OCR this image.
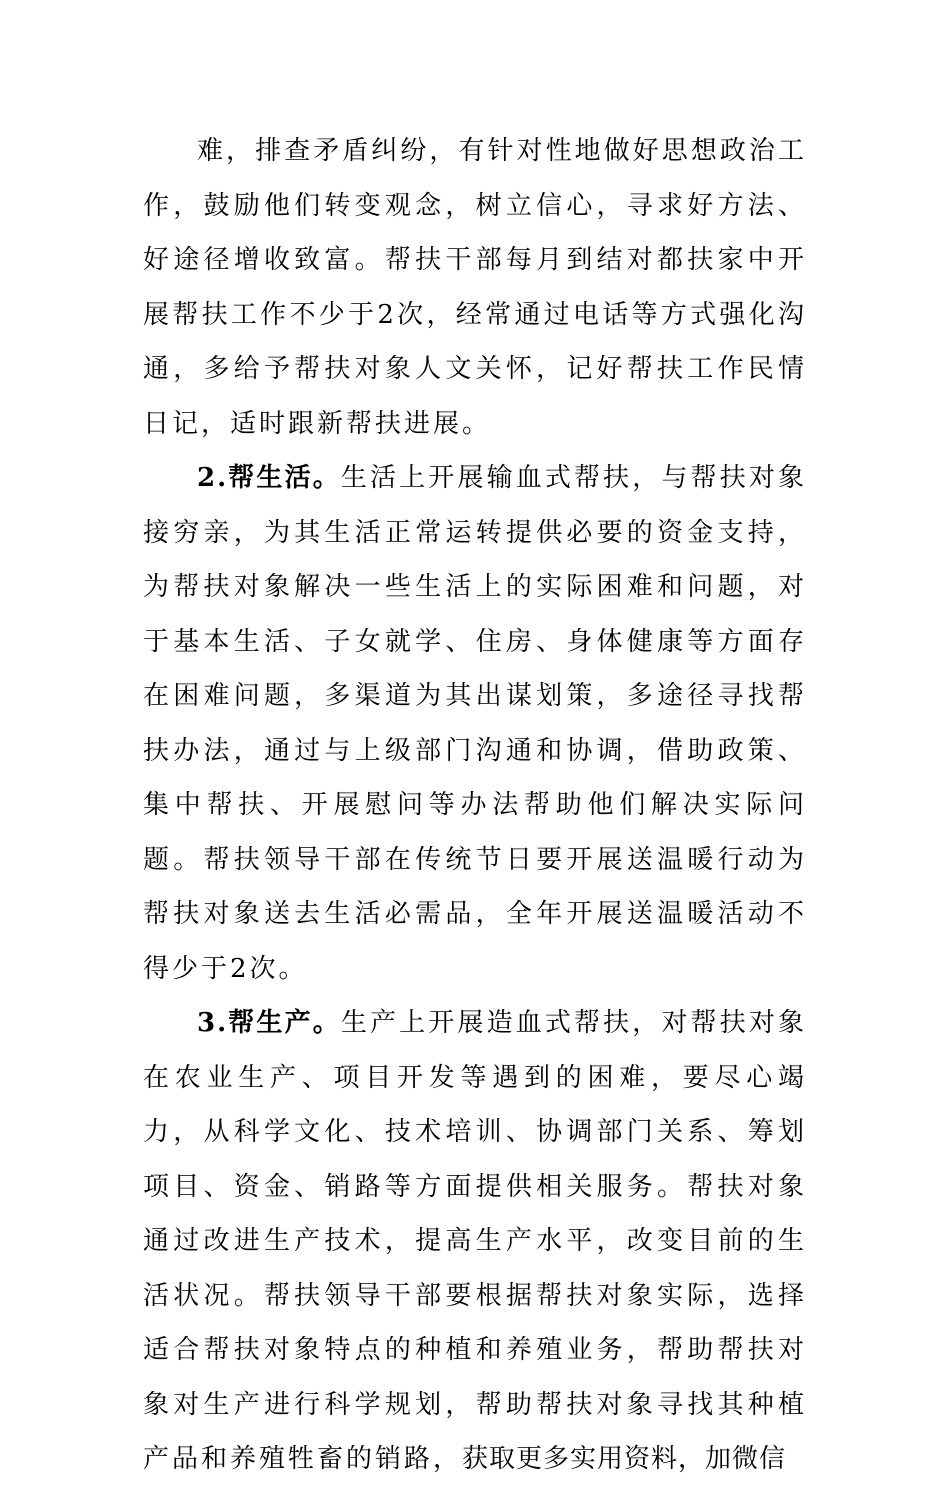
难，排查矛盾纠纷，有针对性地做好思想政治工作，鼓励他们转变观念，树立信心，寻求好方法、好途径增收致富。帮扶干部每月到结对都扶家中开展帮扶工作不少于2次，经常通过电话等方式强化沟通，多给予帮扶对象人文关怀，记好帮扶工作民情日记，适时跟新帮扶进展。

2.帮生活。生活上开展输血式帮扶，与帮扶对象接穷亲，为其生活正常运转提供必要的资金支持，为帮扶对象解决一些生活上的实际困难和问题，对于基本生活、子女就学、住房、身体健康等方面存在困难问题，多渠道为其出谋划策，多途径寻找帮扶办法，通过与上级部门沟通和协调，借助政策、集中帮扶、开展慰问等办法帮助他们解决实际问题。帮扶领导干部在传统节日要开展送温暖行动为帮扶对象送去生活必需品，全年开展送温暖活动不得少于2次。

3.帮生产。生产上开展造血式帮扶，对帮扶对象在农业生产、项目开发等遇到的困难，要尽心竭力，从科学文化、技术培训、协调部门关系、筹划项目、资金、销路等方面提供相关服务。帮扶对象通过改进生产技术，提高生产水平，改变目前的生活状况。帮扶领导干部要根据帮扶对象实际，选择适合帮扶对象特点的种植和养殖业务，帮助帮扶对象对生产进行科学规划，帮助帮扶对象寻找其种植产品和养殖牲畜的销路，获取更多实用资料，加微信
